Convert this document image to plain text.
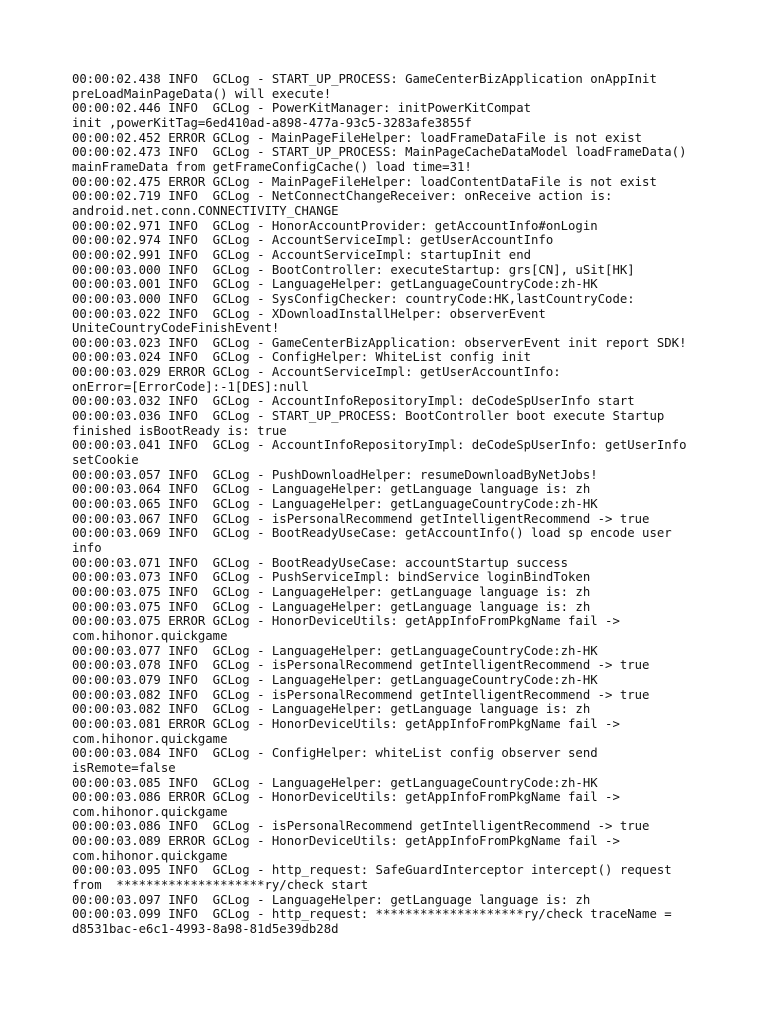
00:00:02.438 INFO  GCLog - START_UP_PROCESS: GameCenterBizApplication onAppInit
preLoadMainPageData() will execute!
00:00:02.446 INFO  GCLog - PowerKitManager: initPowerKitCompat
init ,powerKitTag=6ed410ad-a898-477a-93c5-3283afe3855f
00:00:02.452 ERROR GCLog - MainPageFileHelper: loadFrameDataFile is not exist
00:00:02.473 INFO  GCLog - START_UP_PROCESS: MainPageCacheDataModel loadFrameData()
mainFrameData from getFrameConfigCache() load time=31!
00:00:02.475 ERROR GCLog - MainPageFileHelper: loadContentDataFile is not exist
00:00:02.719 INFO  GCLog - NetConnectChangeReceiver: onReceive action is:
android.net.conn.CONNECTIVITY_CHANGE
00:00:02.971 INFO  GCLog - HonorAccountProvider: getAccountInfo#onLogin
00:00:02.974 INFO  GCLog - AccountServiceImpl: getUserAccountInfo
00:00:02.991 INFO  GCLog - AccountServiceImpl: startupInit end
00:00:03.000 INFO  GCLog - BootController: executeStartup: grs[CN], uSit[HK]
00:00:03.001 INFO  GCLog - LanguageHelper: getLanguageCountryCode:zh-HK
00:00:03.000 INFO  GCLog - SysConfigChecker: countryCode:HK,lastCountryCode:
00:00:03.022 INFO  GCLog - XDownloadInstallHelper: observerEvent
UniteCountryCodeFinishEvent!
00:00:03.023 INFO  GCLog - GameCenterBizApplication: observerEvent init report SDK!
00:00:03.024 INFO  GCLog - ConfigHelper: WhiteList config init
00:00:03.029 ERROR GCLog - AccountServiceImpl: getUserAccountInfo:
onError=[ErrorCode]:-1[DES]:null
00:00:03.032 INFO  GCLog - AccountInfoRepositoryImpl: deCodeSpUserInfo start
00:00:03.036 INFO  GCLog - START_UP_PROCESS: BootController boot execute Startup
finished isBootReady is: true
00:00:03.041 INFO  GCLog - AccountInfoRepositoryImpl: deCodeSpUserInfo: getUserInfo
setCookie
00:00:03.057 INFO  GCLog - PushDownloadHelper: resumeDownloadByNetJobs!
00:00:03.064 INFO  GCLog - LanguageHelper: getLanguage language is: zh
00:00:03.065 INFO  GCLog - LanguageHelper: getLanguageCountryCode:zh-HK
00:00:03.067 INFO  GCLog - isPersonalRecommend getIntelligentRecommend -> true
00:00:03.069 INFO  GCLog - BootReadyUseCase: getAccountInfo() load sp encode user
info
00:00:03.071 INFO  GCLog - BootReadyUseCase: accountStartup success
00:00:03.073 INFO  GCLog - PushServiceImpl: bindService loginBindToken
00:00:03.075 INFO  GCLog - LanguageHelper: getLanguage language is: zh
00:00:03.075 INFO  GCLog - LanguageHelper: getLanguage language is: zh
00:00:03.075 ERROR GCLog - HonorDeviceUtils: getAppInfoFromPkgName fail ->
com.hihonor.quickgame
00:00:03.077 INFO  GCLog - LanguageHelper: getLanguageCountryCode:zh-HK
00:00:03.078 INFO  GCLog - isPersonalRecommend getIntelligentRecommend -> true
00:00:03.079 INFO  GCLog - LanguageHelper: getLanguageCountryCode:zh-HK
00:00:03.082 INFO  GCLog - isPersonalRecommend getIntelligentRecommend -> true
00:00:03.082 INFO  GCLog - LanguageHelper: getLanguage language is: zh
00:00:03.081 ERROR GCLog - HonorDeviceUtils: getAppInfoFromPkgName fail ->
com.hihonor.quickgame
00:00:03.084 INFO  GCLog - ConfigHelper: whiteList config observer send
isRemote=false
00:00:03.085 INFO  GCLog - LanguageHelper: getLanguageCountryCode:zh-HK
00:00:03.086 ERROR GCLog - HonorDeviceUtils: getAppInfoFromPkgName fail ->
com.hihonor.quickgame
00:00:03.086 INFO  GCLog - isPersonalRecommend getIntelligentRecommend -> true
00:00:03.089 ERROR GCLog - HonorDeviceUtils: getAppInfoFromPkgName fail ->
com.hihonor.quickgame
00:00:03.095 INFO  GCLog - http_request: SafeGuardInterceptor intercept() request
from  ********************ry/check start
00:00:03.097 INFO  GCLog - LanguageHelper: getLanguage language is: zh
00:00:03.099 INFO  GCLog - http_request: ********************ry/check traceName =
d8531bac-e6c1-4993-8a98-81d5e39db28d
